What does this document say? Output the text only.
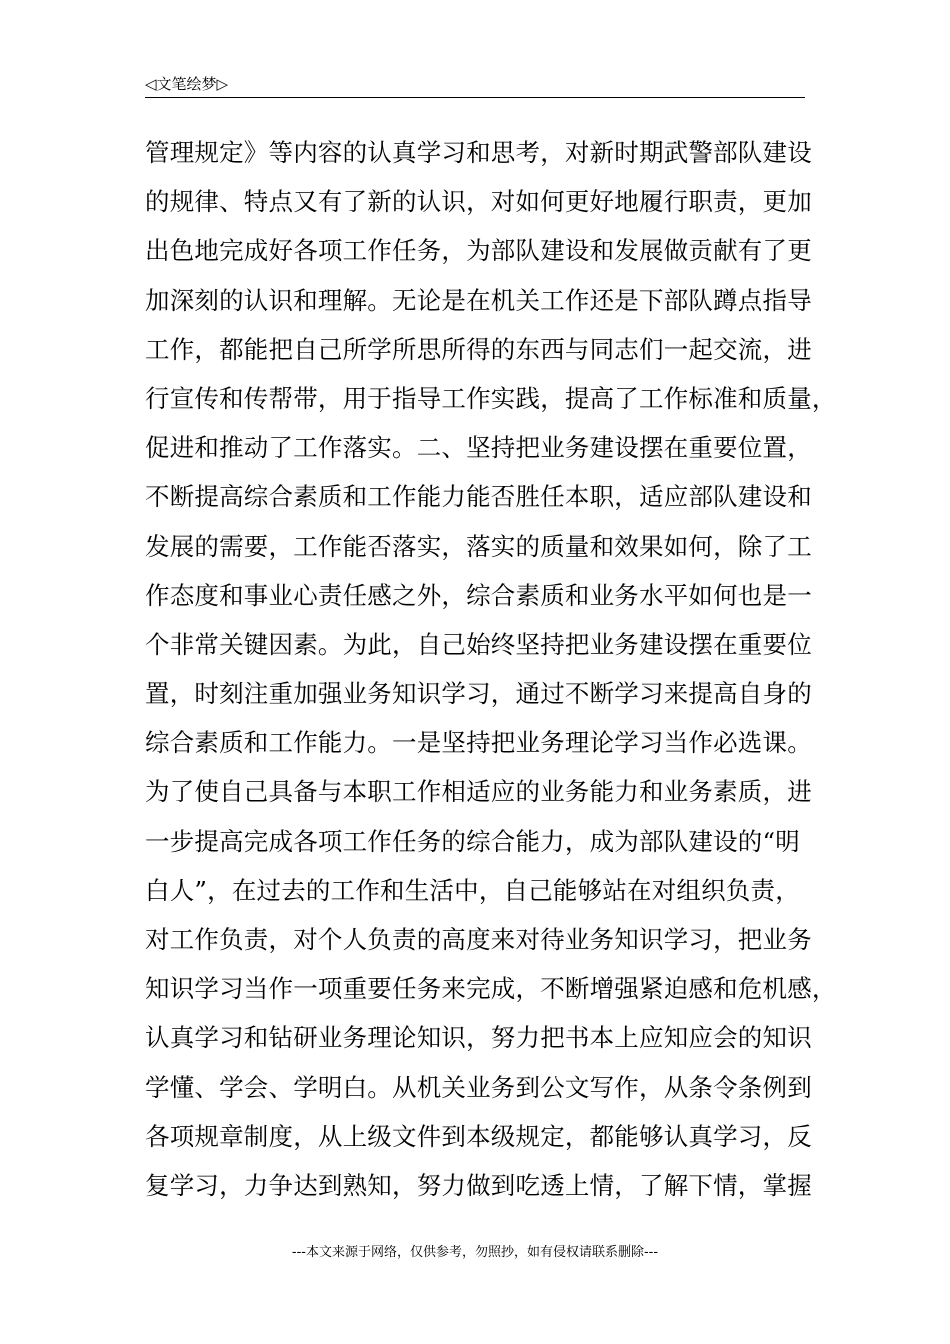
◁文笔绘梦▷
管理规定》等内容的认真学习和思考，对新时期武警部队建设
的规律、特点又有了新的认识，对如何更好地履行职责，更加
出色地完成好各项工作任务，为部队建设和发展做贡献有了更
加深刻的认识和理解。无论是在机关工作还是下部队蹲点指导
工作，都能把自己所学所思所得的东西与同志们一起交流，进
行宣传和传帮带，用于指导工作实践，提高了工作标准和质量，
促进和推动了工作落实。二、坚持把业务建设摆在重要位置，
不断提高综合素质和工作能力能否胜任本职，适应部队建设和
发展的需要，工作能否落实，落实的质量和效果如何，除了工
作态度和事业心责任感之外，综合素质和业务水平如何也是一
个非常关键因素。为此，自己始终坚持把业务建设摆在重要位
置，时刻注重加强业务知识学习，通过不断学习来提高自身的
综合素质和工作能力。一是坚持把业务理论学习当作必选课。
为了使自己具备与本职工作相适应的业务能力和业务素质，进
一步提高完成各项工作任务的综合能力，成为部队建设的“明
白人”，在过去的工作和生活中，自己能够站在对组织负责，
对工作负责，对个人负责的高度来对待业务知识学习，把业务
知识学习当作一项重要任务来完成，不断增强紧迫感和危机感，
认真学习和钻研业务理论知识，努力把书本上应知应会的知识
学懂、学会、学明白。从机关业务到公文写作，从条令条例到
各项规章制度，从上级文件到本级规定，都能够认真学习，反
复学习，力争达到熟知，努力做到吃透上情，了解下情，掌握
---本文来源于网络，仅供参考，勿照抄，如有侵权请联系删除---
